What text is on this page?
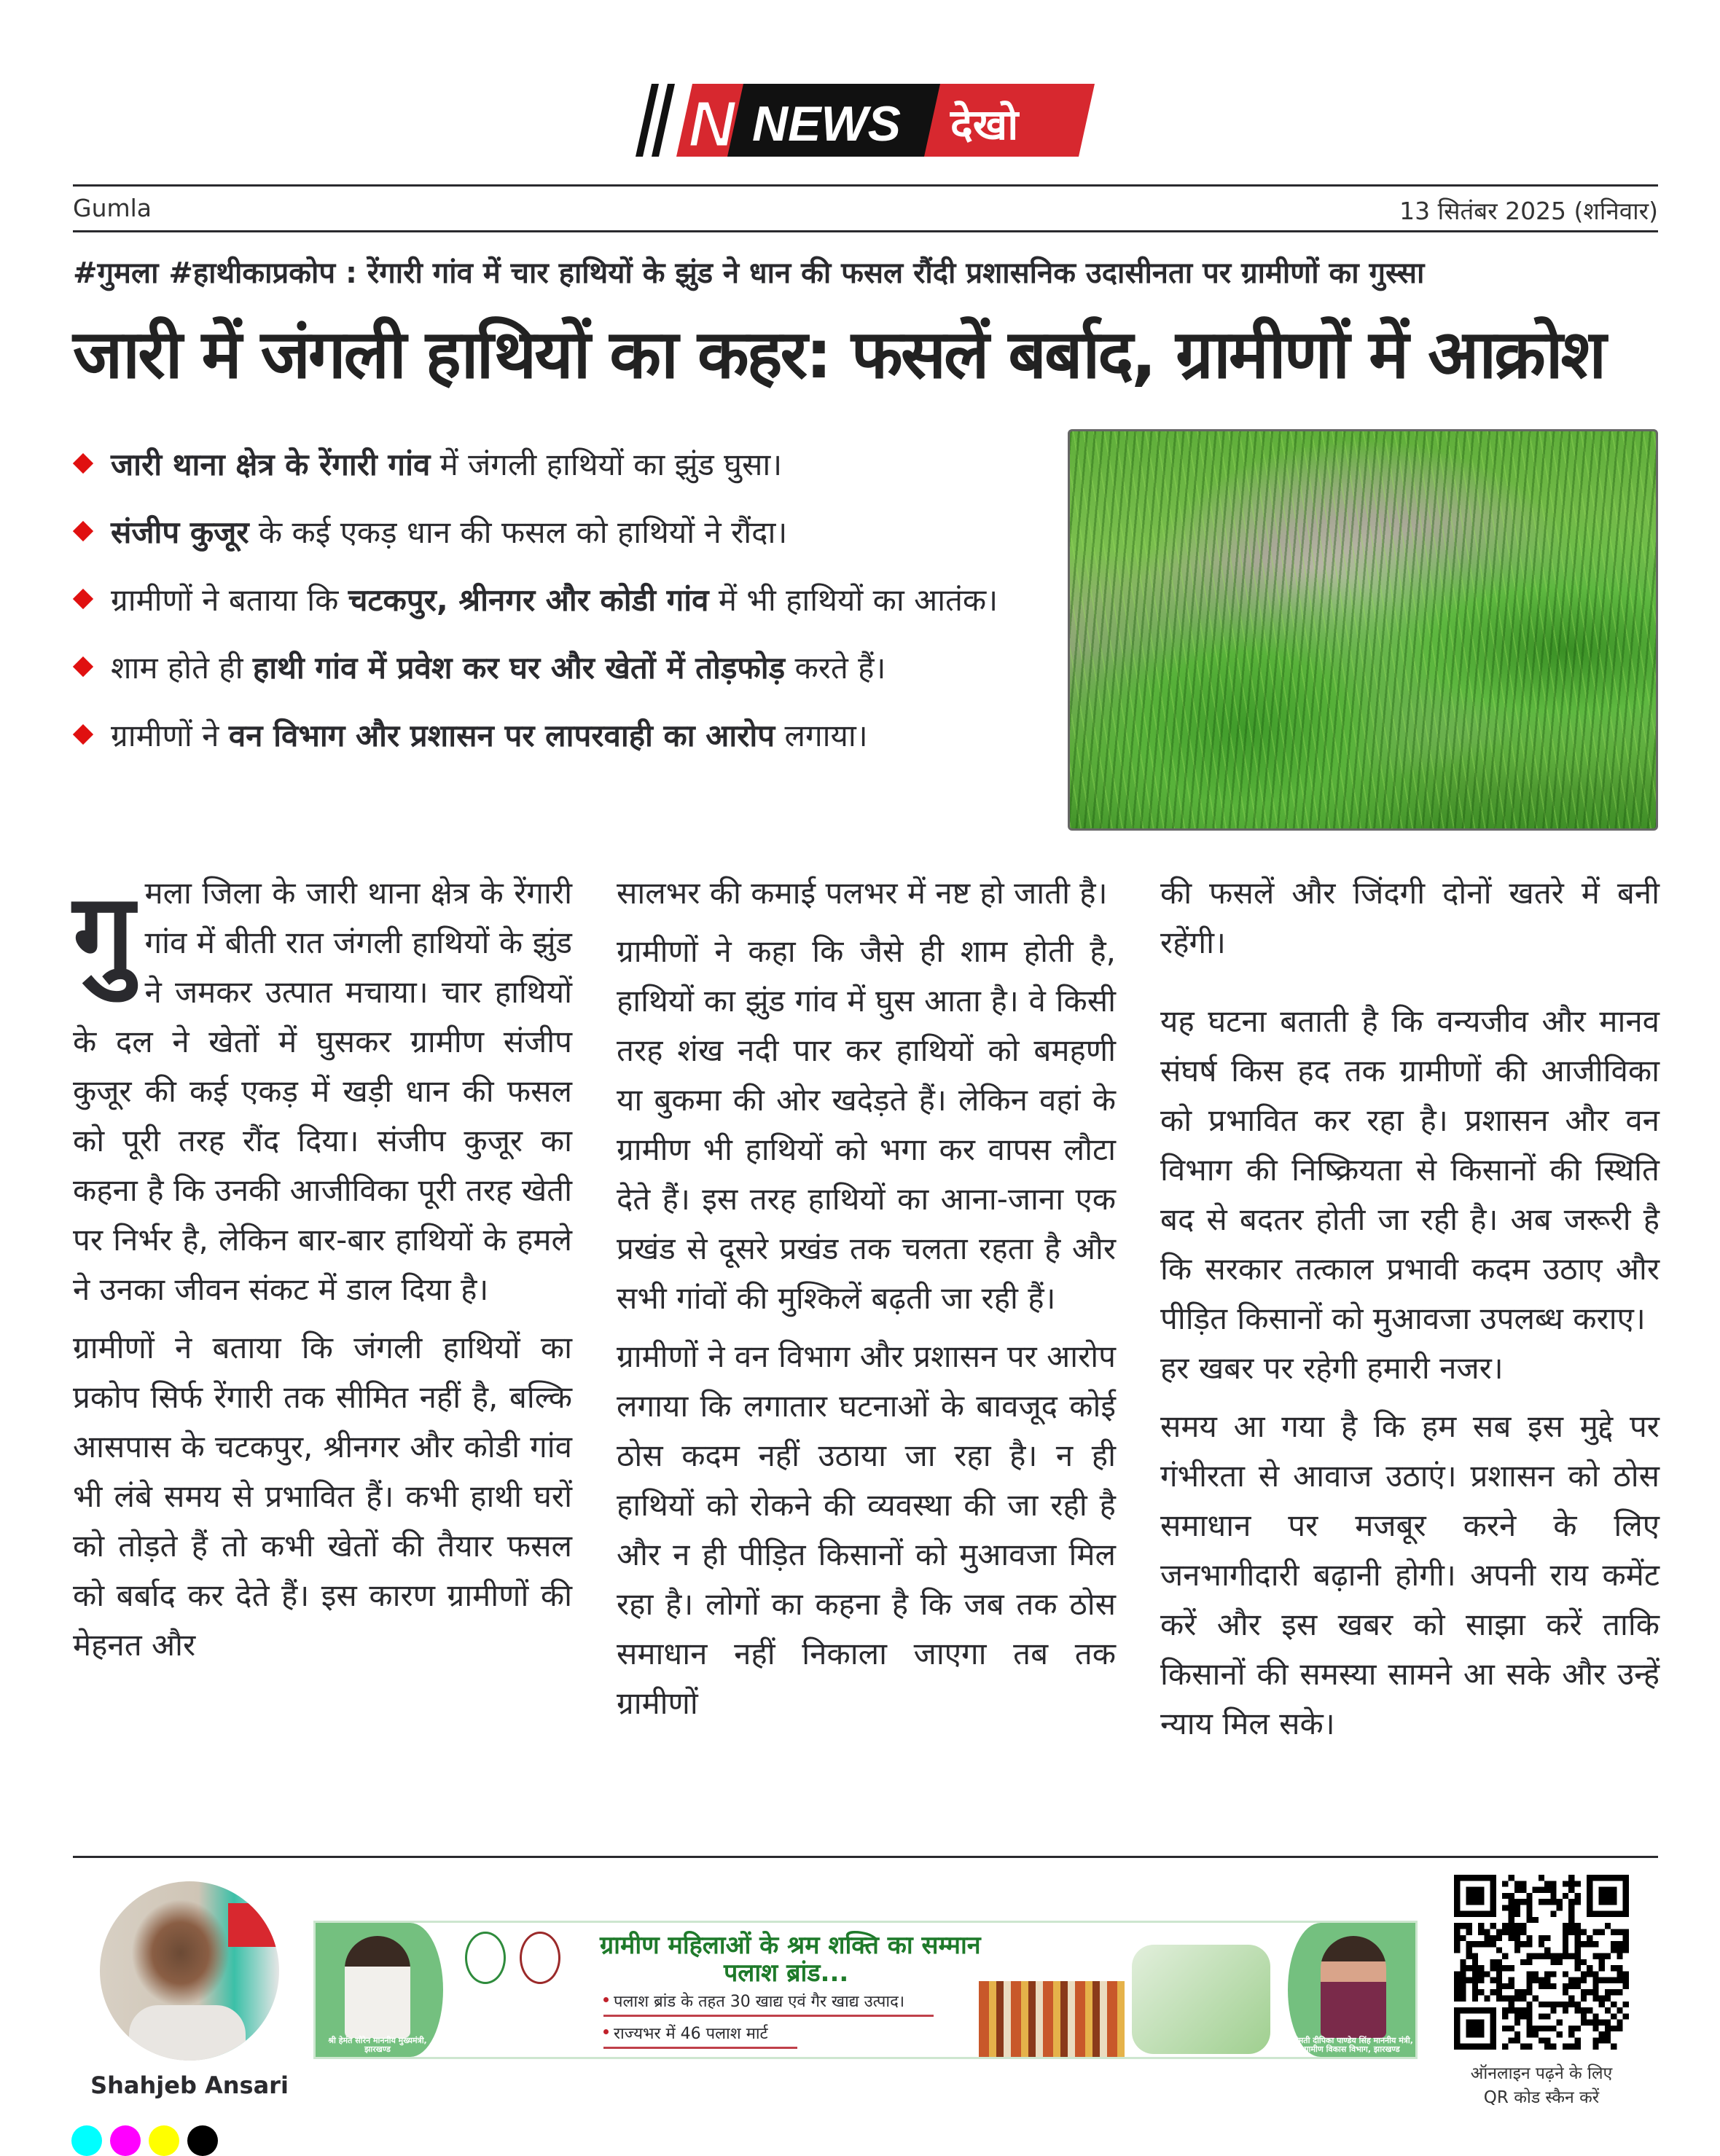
N NEWS देखो
Gumla	13 सितंबर 2025 (शनिवार)
#गुमला #हाथीकाप्रकोप : रेंगारी गांव में चार हाथियों के झुंड ने धान की फसल रौंदी प्रशासनिक उदासीनता पर ग्रामीणों का गुस्सा
जारी में जंगली हाथियों का कहर: फसलें बर्बाद, ग्रामीणों में आक्रोश
जारी थाना क्षेत्र के रेंगारी गांव में जंगली हाथियों का झुंड घुसा।
संजीप कुजूर के कई एकड़ धान की फसल को हाथियों ने रौंदा।
ग्रामीणों ने बताया कि चटकपुर, श्रीनगर और कोडी गांव में भी हाथियों का आतंक।
शाम होते ही हाथी गांव में प्रवेश कर घर और खेतों में तोड़फोड़ करते हैं।
ग्रामीणों ने वन विभाग और प्रशासन पर लापरवाही का आरोप लगाया।

गुमला जिला के जारी थाना क्षेत्र के रेंगारी गांव में बीती रात जंगली हाथियों के झुंड ने जमकर उत्पात मचाया। चार हाथियों के दल ने खेतों में घुसकर ग्रामीण संजीप कुजूर की कई एकड़ में खड़ी धान की फसल को पूरी तरह रौंद दिया। संजीप कुजूर का कहना है कि उनकी आजीविका पूरी तरह खेती पर निर्भर है, लेकिन बार-बार हाथियों के हमले ने उनका जीवन संकट में डाल दिया है।

ग्रामीणों ने बताया कि जंगली हाथियों का प्रकोप सिर्फ रेंगारी तक सीमित नहीं है, बल्कि आसपास के चटकपुर, श्रीनगर और कोडी गांव भी लंबे समय से प्रभावित हैं। कभी हाथी घरों को तोड़ते हैं तो कभी खेतों की तैयार फसल को बर्बाद कर देते हैं। इस कारण ग्रामीणों की मेहनत और

सालभर की कमाई पलभर में नष्ट हो जाती है।

ग्रामीणों ने कहा कि जैसे ही शाम होती है, हाथियों का झुंड गांव में घुस आता है। वे किसी तरह शंख नदी पार कर हाथियों को बमहणी या बुकमा की ओर खदेड़ते हैं। लेकिन वहां के ग्रामीण भी हाथियों को भगा कर वापस लौटा देते हैं। इस तरह हाथियों का आना-जाना एक प्रखंड से दूसरे प्रखंड तक चलता रहता है और सभी गांवों की मुश्किलें बढ़ती जा रही हैं।

ग्रामीणों ने वन विभाग और प्रशासन पर आरोप लगाया कि लगातार घटनाओं के बावजूद कोई ठोस कदम नहीं उठाया जा रहा है। न ही हाथियों को रोकने की व्यवस्था की जा रही है और न ही पीड़ित किसानों को मुआवजा मिल रहा है। लोगों का कहना है कि जब तक ठोस समाधान नहीं निकाला जाएगा तब तक ग्रामीणों

की फसलें और जिंदगी दोनों खतरे में बनी रहेंगी।

यह घटना बताती है कि वन्यजीव और मानव संघर्ष किस हद तक ग्रामीणों की आजीविका को प्रभावित कर रहा है। प्रशासन और वन विभाग की निष्क्रियता से किसानों की स्थिति बद से बदतर होती जा रही है। अब जरूरी है कि सरकार तत्काल प्रभावी कदम उठाए और पीड़ित किसानों को मुआवजा उपलब्ध कराए।

हर खबर पर रहेगी हमारी नजर।

समय आ गया है कि हम सब इस मुद्दे पर गंभीरता से आवाज उठाएं। प्रशासन को ठोस समाधान पर मजबूर करने के लिए जनभागीदारी बढ़ानी होगी। अपनी राय कमेंट करें और इस खबर को साझा करें ताकि किसानों की समस्या सामने आ सके और उन्हें न्याय मिल सके।

Shahjeb Ansari
श्री हेमंत सोरेन माननीय मुख्यमंत्री, झारखण्ड
ग्रामीण महिलाओं के श्रम शक्ति का सम्मान
पलाश ब्रांड...
पलाश ब्रांड के तहत 30 खाद्य एवं गैर खाद्य उत्पाद।
राज्यभर में 46 पलाश मार्ट	श्रीमती दीपिका पाण्डेय सिंह माननीय मंत्री, ग्रामीण विकास विभाग, झारखण्ड
ऑनलाइन पढ़ने के लिए
QR कोड स्कैन करें
